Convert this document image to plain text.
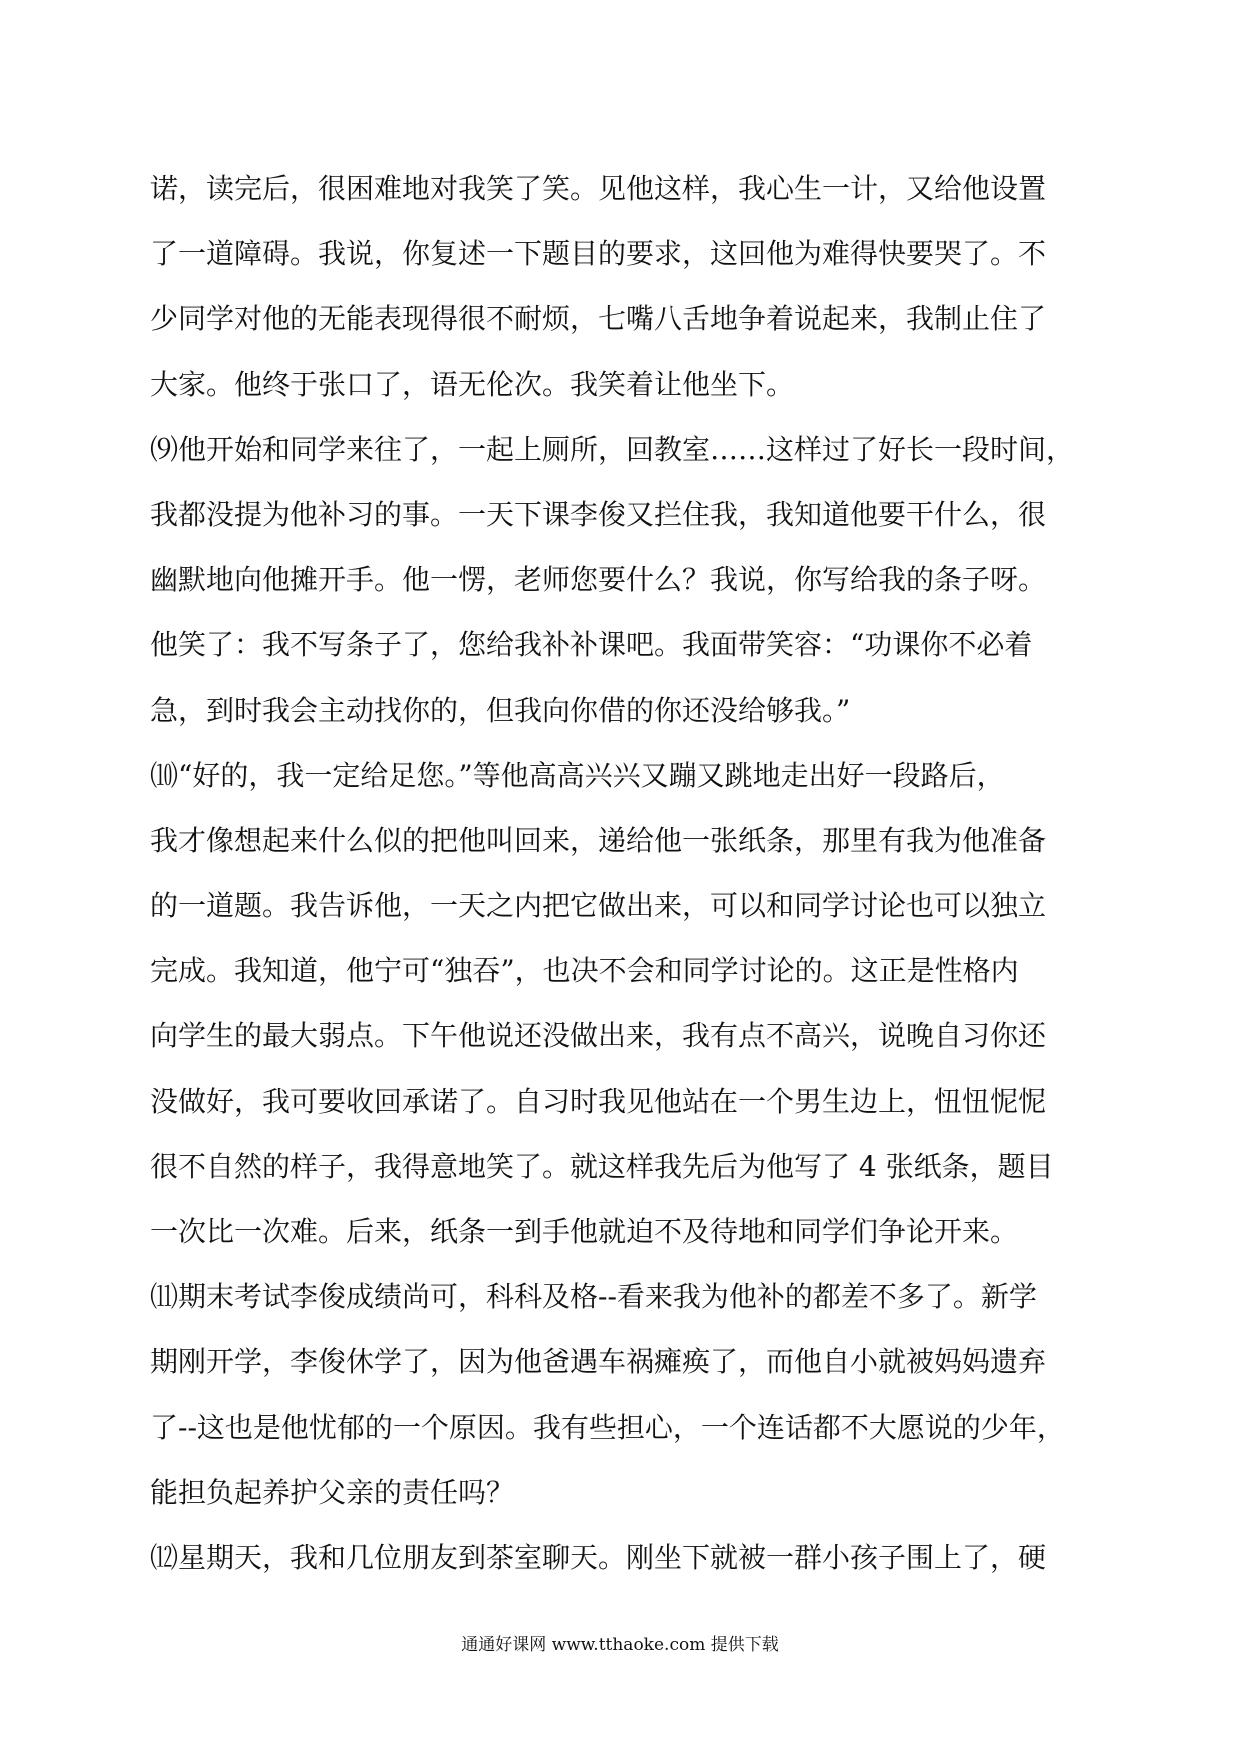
诺，读完后，很困难地对我笑了笑。见他这样，我心生一计，又给他设置
了一道障碍。我说，你复述一下题目的要求，这回他为难得快要哭了。不
少同学对他的无能表现得很不耐烦，七嘴八舌地争着说起来，我制止住了
大家。他终于张口了，语无伦次。我笑着让他坐下。
⑼他开始和同学来往了，一起上厕所，回教室……这样过了好长一段时间，
我都没提为他补习的事。一天下课李俊又拦住我，我知道他要干什么，很
幽默地向他摊开手。他一愣，老师您要什么？我说，你写给我的条子呀。
他笑了：我不写条子了，您给我补补课吧。我面带笑容：“功课你不必着
急，到时我会主动找你的，但我向你借的你还没给够我。”
⑽“好的，我一定给足您。”等他高高兴兴又蹦又跳地走出好一段路后，
我才像想起来什么似的把他叫回来，递给他一张纸条，那里有我为他准备
的一道题。我告诉他，一天之内把它做出来，可以和同学讨论也可以独立
完成。我知道，他宁可“独吞”，也决不会和同学讨论的。这正是性格内
向学生的最大弱点。下午他说还没做出来，我有点不高兴，说晚自习你还
没做好，我可要收回承诺了。自习时我见他站在一个男生边上，忸忸怩怩
很不自然的样子，我得意地笑了。就这样我先后为他写了 4 张纸条，题目
一次比一次难。后来，纸条一到手他就迫不及待地和同学们争论开来。
⑾期末考试李俊成绩尚可，科科及格--看来我为他补的都差不多了。新学
期刚开学，李俊休学了，因为他爸遇车祸瘫痪了，而他自小就被妈妈遗弃
了--这也是他忧郁的一个原因。我有些担心，一个连话都不大愿说的少年，
能担负起养护父亲的责任吗？
⑿星期天，我和几位朋友到茶室聊天。刚坐下就被一群小孩子围上了，硬
通通好课网 www.tthaoke.com 提供下载
